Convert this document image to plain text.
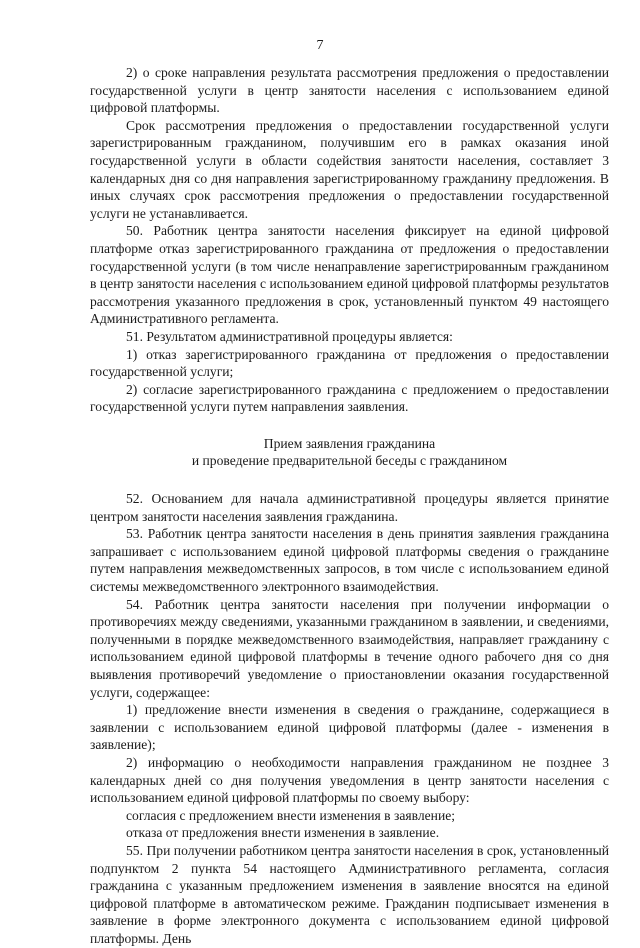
7

2) о сроке направления результата рассмотрения предложения о предоставлении государственной услуги в центр занятости населения с использованием единой цифровой платформы.

Срок рассмотрения предложения о предоставлении государственной услуги зарегистрированным гражданином, получившим его в рамках оказания иной государственной услуги в области содействия занятости населения, составляет 3 календарных дня со дня направления зарегистрированному гражданину предложения. В иных случаях срок рассмотрения предложения о предоставлении государственной услуги не устанавливается.

50. Работник центра занятости населения фиксирует на единой цифровой платформе отказ зарегистрированного гражданина от предложения о предоставлении государственной услуги (в том числе ненаправление зарегистрированным гражданином в центр занятости населения с использованием единой цифровой платформы результатов рассмотрения указанного предложения в срок, установленный пунктом 49 настоящего Административного регламента.

51. Результатом административной процедуры является:

1) отказ зарегистрированного гражданина от предложения о предоставлении государственной услуги;

2) согласие зарегистрированного гражданина с предложением о предоставлении государственной услуги путем направления заявления.

Прием заявления гражданина
и проведение предварительной беседы с гражданином

52. Основанием для начала административной процедуры является принятие центром занятости населения заявления гражданина.

53. Работник центра занятости населения в день принятия заявления гражданина запрашивает с использованием единой цифровой платформы сведения о гражданине путем направления межведомственных запросов, в том числе с использованием единой системы межведомственного электронного взаимодействия.

54. Работник центра занятости населения при получении информации о противоречиях между сведениями, указанными гражданином в заявлении, и сведениями, полученными в порядке межведомственного взаимодействия, направляет гражданину с использованием единой цифровой платформы в течение одного рабочего дня со дня выявления противоречий уведомление о приостановлении оказания государственной услуги, содержащее:

1) предложение внести изменения в сведения о гражданине, содержащиеся в заявлении с использованием единой цифровой платформы (далее - изменения в заявление);

2) информацию о необходимости направления гражданином не позднее 3 календарных дней со дня получения уведомления в центр занятости населения с использованием единой цифровой платформы по своему выбору:

согласия с предложением внести изменения в заявление;

отказа от предложения внести изменения в заявление.

55. При получении работником центра занятости населения в срок, установленный подпунктом 2 пункта 54 настоящего Административного регламента, согласия гражданина с указанным предложением изменения в заявление вносятся на единой цифровой платформе в автоматическом режиме. Гражданин подписывает изменения в заявление в форме электронного документа с использованием единой цифровой платформы. День
